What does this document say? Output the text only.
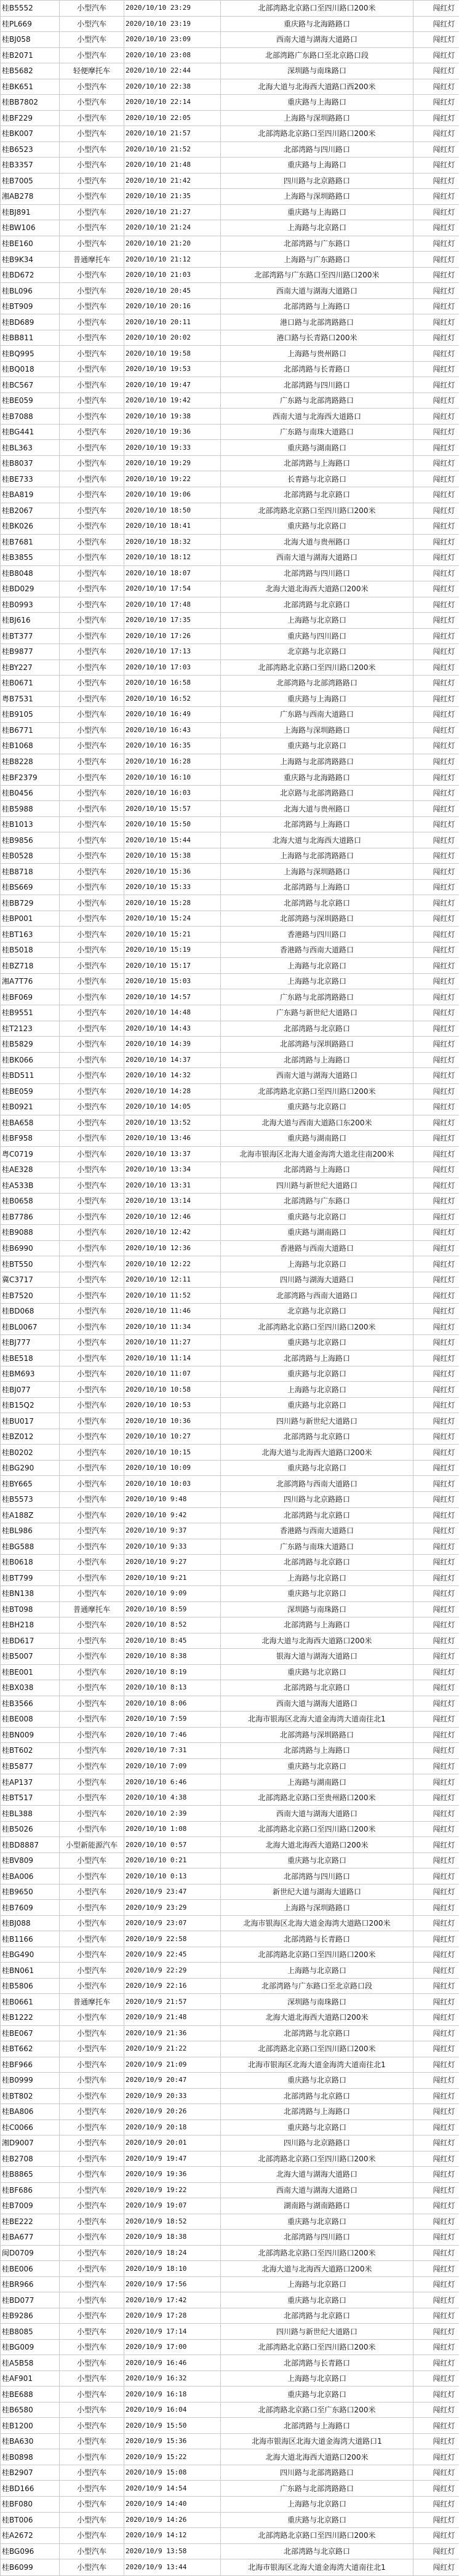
桂B5552	小型汽车	2020/10/10 23:29	北部湾路北京路口至四川路口200米	闯红灯
桂PL669	小型汽车	2020/10/10 23:19	重庆路与北海路路口	闯红灯
桂BJ058	小型汽车	2020/10/10 23:09	西南大道与湖海大道路口	闯红灯
桂B2071	小型汽车	2020/10/10 23:08	北部湾路广东路口至北京路口段	闯红灯
桂B5682	轻便摩托车	2020/10/10 22:44	深圳路与南珠路口	闯红灯
桂BK651	小型汽车	2020/10/10 22:38	北海大道与北海西大道路口西200米	闯红灯
桂BB7802	小型汽车	2020/10/10 22:14	重庆路与上海路口	闯红灯
桂BF229	小型汽车	2020/10/10 22:05	上海路与深圳路路口	闯红灯
桂BK007	小型汽车	2020/10/10 21:57	北部湾路北京路口至四川路口200米	闯红灯
桂B6523	小型汽车	2020/10/10 21:52	北部湾路与四川路口	闯红灯
桂B3357	小型汽车	2020/10/10 21:48	重庆路与上海路口	闯红灯
桂B7005	小型汽车	2020/10/10 21:42	四川路与北京路路口	闯红灯
湘AB278	小型汽车	2020/10/10 21:35	上海路与深圳路路口	闯红灯
桂BJ891	小型汽车	2020/10/10 21:27	重庆路与上海路口	闯红灯
桂BW106	小型汽车	2020/10/10 21:24	上海路与北京路口	闯红灯
桂BE160	小型汽车	2020/10/10 21:20	北部湾路与广东路口	闯红灯
桂B9K34	普通摩托车	2020/10/10 21:12	上海路与广东路路口	闯红灯
桂BD672	小型汽车	2020/10/10 21:03	北部湾路与广东路口至四川路口200米	闯红灯
桂BL096	小型汽车	2020/10/10 20:45	西南大道与湖海大道路口	闯红灯
桂BT909	小型汽车	2020/10/10 20:16	北部湾路与上海路口	闯红灯
桂BD689	小型汽车	2020/10/10 20:11	港口路与北部湾路路口	闯红灯
桂BB811	小型汽车	2020/10/10 20:02	港口路与长青路口200米	闯红灯
桂BQ995	小型汽车	2020/10/10 19:58	上海路与贵州路口	闯红灯
桂BQ018	小型汽车	2020/10/10 19:53	北部湾路与长青路口	闯红灯
桂BC567	小型汽车	2020/10/10 19:47	北部湾路与四川路口	闯红灯
桂BE059	小型汽车	2020/10/10 19:42	广东路与北部湾路路口	闯红灯
桂B7088	小型汽车	2020/10/10 19:38	西南大道与北海西大道路口	闯红灯
桂BG441	小型汽车	2020/10/10 19:36	广东路与南珠大道路口	闯红灯
桂BL363	小型汽车	2020/10/10 19:33	重庆路与湖南路口	闯红灯
桂B8037	小型汽车	2020/10/10 19:29	北部湾路与上海路口	闯红灯
桂BE733	小型汽车	2020/10/10 19:22	长青路与北京路口	闯红灯
桂BA819	小型汽车	2020/10/10 19:06	北部湾路与北京路口	闯红灯
桂B2067	小型汽车	2020/10/10 18:50	北部湾路北京路口至四川路口200米	闯红灯
桂BK026	小型汽车	2020/10/10 18:41	重庆路与北京路口	闯红灯
桂B7681	小型汽车	2020/10/10 18:32	北海大道与贵州路口	闯红灯
桂B3855	小型汽车	2020/10/10 18:12	西南大道与湖海大道路口	闯红灯
桂B8048	小型汽车	2020/10/10 18:07	北部湾路与四川路口	闯红灯
桂BD029	小型汽车	2020/10/10 17:54	北海大道北海西大道路口200米	闯红灯
桂B0993	小型汽车	2020/10/10 17:48	北部湾路与北京路口	闯红灯
桂BJ616	小型汽车	2020/10/10 17:35	上海路与北京路口	闯红灯
桂BT377	小型汽车	2020/10/10 17:26	重庆路与四川路口	闯红灯
桂B9877	小型汽车	2020/10/10 17:13	北京路与北京路口	闯红灯
桂BY227	小型汽车	2020/10/10 17:03	北部湾路北京路口至四川路口200米	闯红灯
桂B0671	小型汽车	2020/10/10 16:58	北部湾路与北部湾路路口	闯红灯
粤B7531	小型汽车	2020/10/10 16:52	重庆路与上海路口	闯红灯
桂B9105	小型汽车	2020/10/10 16:49	广东路与西南大道路口	闯红灯
桂B6771	小型汽车	2020/10/10 16:43	上海路与深圳路路口	闯红灯
桂B1068	小型汽车	2020/10/10 16:35	重庆路与北京路口	闯红灯
桂B8228	小型汽车	2020/10/10 16:28	上海路与北部湾路路口	闯红灯
桂BF2379	小型汽车	2020/10/10 16:10	重庆路与北海路路口	闯红灯
桂B0456	小型汽车	2020/10/10 16:03	北京路与北部湾路路口	闯红灯
桂B5988	小型汽车	2020/10/10 15:57	北海大道与贵州路口	闯红灯
桂B1013	小型汽车	2020/10/10 15:50	北部湾路与上海路口	闯红灯
桂B9856	小型汽车	2020/10/10 15:44	北海大道与北海西大道路口	闯红灯
桂B0528	小型汽车	2020/10/10 15:38	上海路与北部湾路路口	闯红灯
桂B8718	小型汽车	2020/10/10 15:36	上海路与深圳路路口	闯红灯
桂BS669	小型汽车	2020/10/10 15:33	北部湾路与上海路口	闯红灯
桂BB729	小型汽车	2020/10/10 15:28	北部湾路与北京路口	闯红灯
桂BP001	小型汽车	2020/10/10 15:24	北部湾路与深圳路路口	闯红灯
桂BT163	小型汽车	2020/10/10 15:21	香港路与四川路口	闯红灯
桂B5018	小型汽车	2020/10/10 15:19	香港路与西南大道路口	闯红灯
桂BZ718	小型汽车	2020/10/10 15:17	上海路与北京路口	闯红灯
湘A7T76	小型汽车	2020/10/10 15:03	上海路与北京路口	闯红灯
桂BF069	小型汽车	2020/10/10 14:57	广东路与北部湾路路口	闯红灯
桂B9551	小型汽车	2020/10/10 14:48	广东路与新世纪大道路口	闯红灯
桂T2123	小型汽车	2020/10/10 14:43	北部湾路与北京路口	闯红灯
桂B5829	小型汽车	2020/10/10 14:39	北部湾路与深圳路路口	闯红灯
桂BK066	小型汽车	2020/10/10 14:37	北部湾路与上海路口	闯红灯
桂BD511	小型汽车	2020/10/10 14:32	西南大道与湖海大道路口	闯红灯
桂BE059	小型汽车	2020/10/10 14:28	北部湾路北京路口至四川路口200米	闯红灯
桂B0921	小型汽车	2020/10/10 14:05	重庆路与北京路口	闯红灯
桂BA658	小型汽车	2020/10/10 13:52	北海大道与西南大道路口东200米	闯红灯
桂BF958	小型汽车	2020/10/10 13:46	重庆路与湖南路口	闯红灯
粤C0719	小型汽车	2020/10/10 13:37	北海市银海区北海大道金海湾大道北往南200米	闯红灯
桂AE328	小型汽车	2020/10/10 13:34	北部湾路与上海路口	闯红灯
桂A533B	小型汽车	2020/10/10 13:31	四川路与新世纪大道路口	闯红灯
桂B0658	小型汽车	2020/10/10 13:14	北部湾路与广东路口	闯红灯
桂B7786	小型汽车	2020/10/10 12:46	重庆路与北京路口	闯红灯
桂B9088	小型汽车	2020/10/10 12:42	重庆路与湖南路口	闯红灯
桂B6990	小型汽车	2020/10/10 12:36	香港路与西南大道路口	闯红灯
桂BT550	小型汽车	2020/10/10 12:22	上海路与北京路口	闯红灯
冀C3717	小型汽车	2020/10/10 12:11	四川路与湖海大道路口	闯红灯
桂B7520	小型汽车	2020/10/10 11:52	北部湾路与西南大道路口	闯红灯
桂BD068	小型汽车	2020/10/10 11:46	北京路与北京路口	闯红灯
桂BL0067	小型汽车	2020/10/10 11:34	北部湾路北京路口至四川路口200米	闯红灯
桂BJ777	小型汽车	2020/10/10 11:27	重庆路与北京路口	闯红灯
桂BE518	小型汽车	2020/10/10 11:14	北部湾路与上海路口	闯红灯
桂BM693	小型汽车	2020/10/10 11:07	重庆路与北京路口	闯红灯
桂BJ077	小型汽车	2020/10/10 10:58	上海路与北京路口	闯红灯
桂B15Q2	小型汽车	2020/10/10 10:53	重庆路与北京路口	闯红灯
桂BU017	小型汽车	2020/10/10 10:36	四川路与新世纪大道路口	闯红灯
桂BZ012	小型汽车	2020/10/10 10:27	北部湾路与北京路口	闯红灯
桂B0202	小型汽车	2020/10/10 10:15	北海大道与北海西大道路口200米	闯红灯
桂BG290	小型汽车	2020/10/10 10:09	重庆路与北京路口	闯红灯
桂BY665	小型汽车	2020/10/10 10:03	北部湾路与西南大道路口	闯红灯
桂B5573	小型汽车	2020/10/10 9:48	四川路与北京路路口	闯红灯
桂A188Z	小型汽车	2020/10/10 9:42	北部湾路与北京路口	闯红灯
桂BL986	小型汽车	2020/10/10 9:37	香港路与西南大道路口	闯红灯
桂BG588	小型汽车	2020/10/10 9:33	广东路与南珠大道路口	闯红灯
桂B0618	小型汽车	2020/10/10 9:27	北部湾路与北京路口	闯红灯
桂BT799	小型汽车	2020/10/10 9:21	上海路与北京路口	闯红灯
桂BN138	小型汽车	2020/10/10 9:09	重庆路与北京路口	闯红灯
桂BT098	普通摩托车	2020/10/10 8:59	深圳路与南珠路口	闯红灯
桂BH218	小型汽车	2020/10/10 8:52	北部湾路与上海路口	闯红灯
桂BD617	小型汽车	2020/10/10 8:45	北海大道与北海西大道路口200米	闯红灯
桂B5007	小型汽车	2020/10/10 8:38	银海大道与湖海大道路口	闯红灯
桂BE001	小型汽车	2020/10/10 8:19	重庆路与北京路口	闯红灯
桂BX038	小型汽车	2020/10/10 8:13	北部湾路与北京路口	闯红灯
桂B3566	小型汽车	2020/10/10 8:06	西南大道与湖海大道路口	闯红灯
桂BE008	小型汽车	2020/10/10 7:59	北海市银海区北海大道金海湾大道南往北1	闯红灯
桂BN009	小型汽车	2020/10/10 7:46	北部湾路与深圳路路口	闯红灯
桂BT602	小型汽车	2020/10/10 7:31	北部湾路与上海路口	闯红灯
桂B5877	小型汽车	2020/10/10 7:09	重庆路与北京路口	闯红灯
桂AP137	小型汽车	2020/10/10 6:46	上海路与湖南路口	闯红灯
桂BT517	小型汽车	2020/10/10 4:38	北部湾路北京路口至贵州路口200米	闯红灯
桂BL388	小型汽车	2020/10/10 2:39	西南大道与湖海大道路口	闯红灯
桂B5026	小型汽车	2020/10/10 1:08	北部湾路北京路口至四川路口200米	闯红灯
桂BD8887	小型新能源汽车	2020/10/10 0:57	北海大道北海西大道路口200米	闯红灯
桂BV809	小型汽车	2020/10/10 0:21	重庆路与北京路口	闯红灯
桂BA006	小型汽车	2020/10/10 0:13	北部湾路与四川路口	闯红灯
桂B9650	小型汽车	2020/10/9 23:47	新世纪大道与湖海大道路口	闯红灯
桂B7609	小型汽车	2020/10/9 23:29	上海路与深圳路路口	闯红灯
桂BJ088	小型汽车	2020/10/9 23:07	北海市银海区北海大道金海湾大道路口200米	闯红灯
桂B1166	小型汽车	2020/10/9 22:58	北部湾路与长青路口	闯红灯
桂BG490	小型汽车	2020/10/9 22:45	北部湾路北京路口至四川路口200米	闯红灯
桂BN061	小型汽车	2020/10/9 22:29	上海路与北京路口	闯红灯
桂B5806	小型汽车	2020/10/9 22:16	北部湾路与广东路口至北京路口段	闯红灯
桂B0661	普通摩托车	2020/10/9 21:57	深圳路与南珠路口	闯红灯
桂B1222	小型汽车	2020/10/9 21:48	北海大道北海西大道路口200米	闯红灯
桂BE067	小型汽车	2020/10/9 21:36	北部湾路与北京路口	闯红灯
桂BT662	小型汽车	2020/10/9 21:22	北部湾路北京路口至四川路口200米	闯红灯
桂BF966	小型汽车	2020/10/9 21:09	北海市银海区北海大道金海湾大道南往北1	闯红灯
桂B0999	小型汽车	2020/10/9 20:47	重庆路与北京路口	闯红灯
桂BT802	小型汽车	2020/10/9 20:33	北部湾路与北京路口	闯红灯
桂BA806	小型汽车	2020/10/9 20:26	北部湾路与上海路口	闯红灯
桂C0066	小型汽车	2020/10/9 20:18	重庆路与北京路口	闯红灯
湘D9007	小型汽车	2020/10/9 20:01	四川路与北京路路口	闯红灯
桂B2708	小型汽车	2020/10/9 19:47	北部湾路北京路口至四川路口200米	闯红灯
桂B8865	小型汽车	2020/10/9 19:36	北海大道与湖海大道路口	闯红灯
桂BF686	小型汽车	2020/10/9 19:22	西南大道与湖海大道路口	闯红灯
桂B7009	小型汽车	2020/10/9 19:07	湖南路与湖南路路口	闯红灯
桂BE222	小型汽车	2020/10/9 18:52	重庆路与北京路口	闯红灯
桂BA677	小型汽车	2020/10/9 18:38	北部湾路与四川路口	闯红灯
闽D0709	小型汽车	2020/10/9 18:24	北部湾路北京路口至四川路口200米	闯红灯
桂BE006	小型汽车	2020/10/9 18:10	北海大道与北海西大道路口200米	闯红灯
桂BR966	小型汽车	2020/10/9 17:56	上海路与北京路口	闯红灯
桂BD077	小型汽车	2020/10/9 17:42	重庆路与北京路口	闯红灯
桂B9286	小型汽车	2020/10/9 17:28	北部湾路与北京路口	闯红灯
桂B8085	小型汽车	2020/10/9 17:14	四川路与新世纪大道路口	闯红灯
桂BG009	小型汽车	2020/10/9 17:00	北部湾路北京路口至四川路口200米	闯红灯
桂A5B58	小型汽车	2020/10/9 16:46	北部湾路与长青路口	闯红灯
桂AF901	小型汽车	2020/10/9 16:32	上海路与北京路口	闯红灯
桂BE688	小型汽车	2020/10/9 16:18	重庆路与北京路口	闯红灯
桂B6580	小型汽车	2020/10/9 16:04	北部湾路北京路口至广东路口200米	闯红灯
桂B1200	小型汽车	2020/10/9 15:50	北部湾路与上海路口	闯红灯
桂BA630	小型汽车	2020/10/9 15:36	北海市银海区北海大道金海湾大道路口1	闯红灯
桂B0898	小型汽车	2020/10/9 15:22	北海大道北海西大道路口200米	闯红灯
桂B2907	小型汽车	2020/10/9 15:08	四川路与北部湾路路口	闯红灯
桂BD166	小型汽车	2020/10/9 14:54	广东路与北部湾路路口	闯红灯
桂BF080	小型汽车	2020/10/9 14:40	上海路与北京路口	闯红灯
桂BT006	小型汽车	2020/10/9 14:26	重庆路与北京路口	闯红灯
桂A2672	小型汽车	2020/10/9 14:12	北部湾路北京路口至四川路口200米	闯红灯
桂BG096	小型汽车	2020/10/9 13:58	北部湾路与北京路口	闯红灯
桂B6099	小型汽车	2020/10/9 13:44	北海市银海区北海大道金海湾大道南往北1	闯红灯
